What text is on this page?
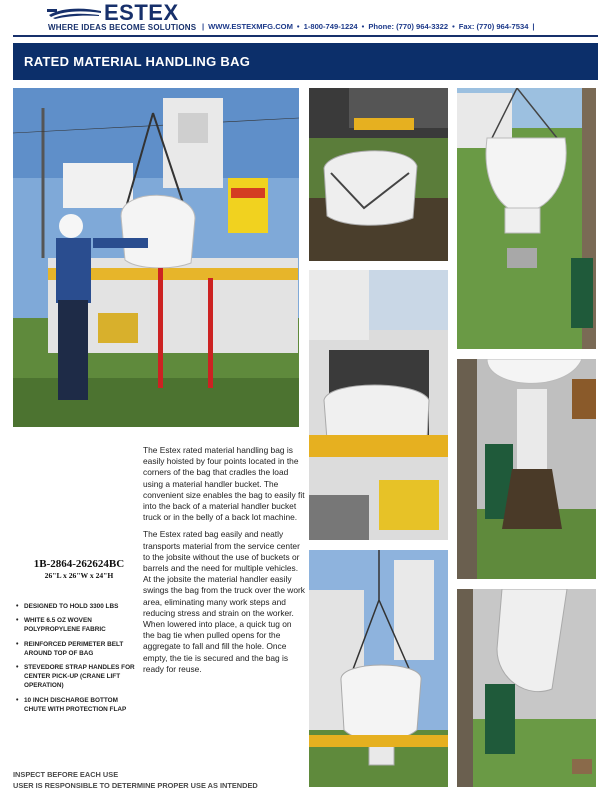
ESTEX
WHERE IDEAS BECOME SOLUTIONS | WWW.ESTEXMFG.COM • 1-800-749-1224 • Phone: (770) 964-3322 • Fax: (770) 964-7534 |
RATED MATERIAL HANDLING BAG

The Estex rated material handling bag is easily hoisted by four points located in the corners of the bag that cradles the load using a material handler bucket. The convenient size enables the bag to easily fit into the back of a material handler bucket truck or in the belly of a back lot machine.

The Estex rated bag easily and neatly transports material from the service center to the jobsite without the use of buckets or barrels and the need for multiple vehicles. At the jobsite the material handler easily swings the bag from the truck over the work area, eliminating many work steps and reducing stress and strain on the worker. When lowered into place, a quick tug on the bag tie when pulled opens for the aggregate to fall and fill the hole. Once empty, the tie is secured and the bag is ready for reuse.

1B-2864-262624BC
26"L x 26"W x 24"H
• DESIGNED TO HOLD 3300 LBS
• WHITE 6.5 OZ WOVEN POLYPROPYLENE FABRIC
• REINFORCED PERIMETER BELT AROUND TOP OF BAG
• STEVEDORE STRAP HANDLES FOR CENTER PICK-UP (CRANE LIFT OPERATION)
• 10 INCH DISCHARGE BOTTOM CHUTE WITH PROTECTION FLAP
INSPECT BEFORE EACH USE
USER IS RESPONSIBLE TO DETERMINE PROPER USE AS INTENDED
